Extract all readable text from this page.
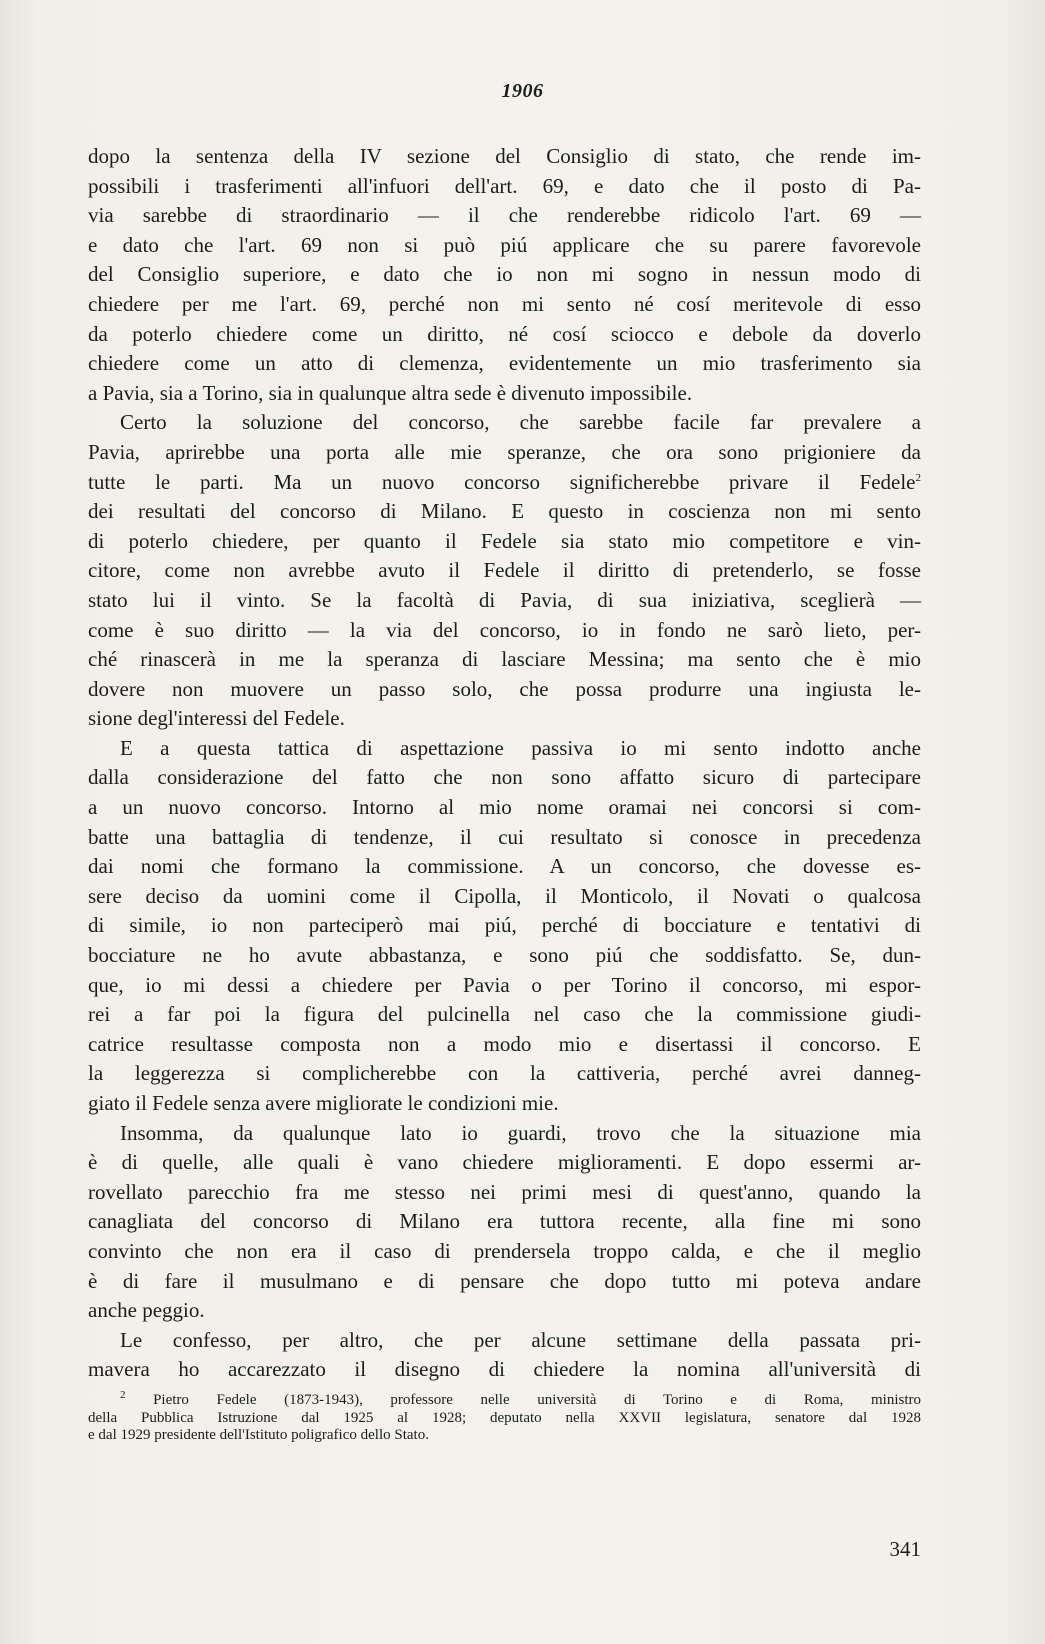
1906
dopo la sentenza della IV sezione del Consiglio di stato, che rende im-
possibili i trasferimenti all'infuori dell'art. 69, e dato che il posto di Pa-
via sarebbe di straordinario — il che renderebbe ridicolo l'art. 69 —
e dato che l'art. 69 non si può piú applicare che su parere favorevole
del Consiglio superiore, e dato che io non mi sogno in nessun modo di
chiedere per me l'art. 69, perché non mi sento né cosí meritevole di esso
da poterlo chiedere come un diritto, né cosí sciocco e debole da doverlo
chiedere come un atto di clemenza, evidentemente un mio trasferimento sia
a Pavia, sia a Torino, sia in qualunque altra sede è divenuto impossibile.
Certo la soluzione del concorso, che sarebbe facile far prevalere a
Pavia, aprirebbe una porta alle mie speranze, che ora sono prigioniere da
tutte le parti. Ma un nuovo concorso significherebbe privare il Fedele$^2$
dei resultati del concorso di Milano. E questo in coscienza non mi sento
di poterlo chiedere, per quanto il Fedele sia stato mio competitore e vin-
citore, come non avrebbe avuto il Fedele il diritto di pretenderlo, se fosse
stato lui il vinto. Se la facoltà di Pavia, di sua iniziativa, sceglierà —
come è suo diritto — la via del concorso, io in fondo ne sarò lieto, per-
ché rinascerà in me la speranza di lasciare Messina; ma sento che è mio
dovere non muovere un passo solo, che possa produrre una ingiusta le-
sione degl'interessi del Fedele.
E a questa tattica di aspettazione passiva io mi sento indotto anche
dalla considerazione del fatto che non sono affatto sicuro di partecipare
a un nuovo concorso. Intorno al mio nome oramai nei concorsi si com-
batte una battaglia di tendenze, il cui resultato si conosce in precedenza
dai nomi che formano la commissione. A un concorso, che dovesse es-
sere deciso da uomini come il Cipolla, il Monticolo, il Novati o qualcosa
di simile, io non parteciperò mai piú, perché di bocciature e tentativi di
bocciature ne ho avute abbastanza, e sono piú che soddisfatto. Se, dun-
que, io mi dessi a chiedere per Pavia o per Torino il concorso, mi espor-
rei a far poi la figura del pulcinella nel caso che la commissione giudi-
catrice resultasse composta non a modo mio e disertassi il concorso. E
la leggerezza si complicherebbe con la cattiveria, perché avrei danneg-
giato il Fedele senza avere migliorate le condizioni mie.
Insomma, da qualunque lato io guardi, trovo che la situazione mia
è di quelle, alle quali è vano chiedere miglioramenti. E dopo essermi ar-
rovellato parecchio fra me stesso nei primi mesi di quest'anno, quando la
canagliata del concorso di Milano era tuttora recente, alla fine mi sono
convinto che non era il caso di prendersela troppo calda, e che il meglio
è di fare il musulmano e di pensare che dopo tutto mi poteva andare
anche peggio.
Le confesso, per altro, che per alcune settimane della passata pri-
mavera ho accarezzato il disegno di chiedere la nomina all'università di
$^2$ Pietro Fedele (1873-1943), professore nelle università di Torino e di Roma, ministro
della Pubblica Istruzione dal 1925 al 1928; deputato nella XXVII legislatura, senatore dal 1928
e dal 1929 presidente dell'Istituto poligrafico dello Stato.
341
